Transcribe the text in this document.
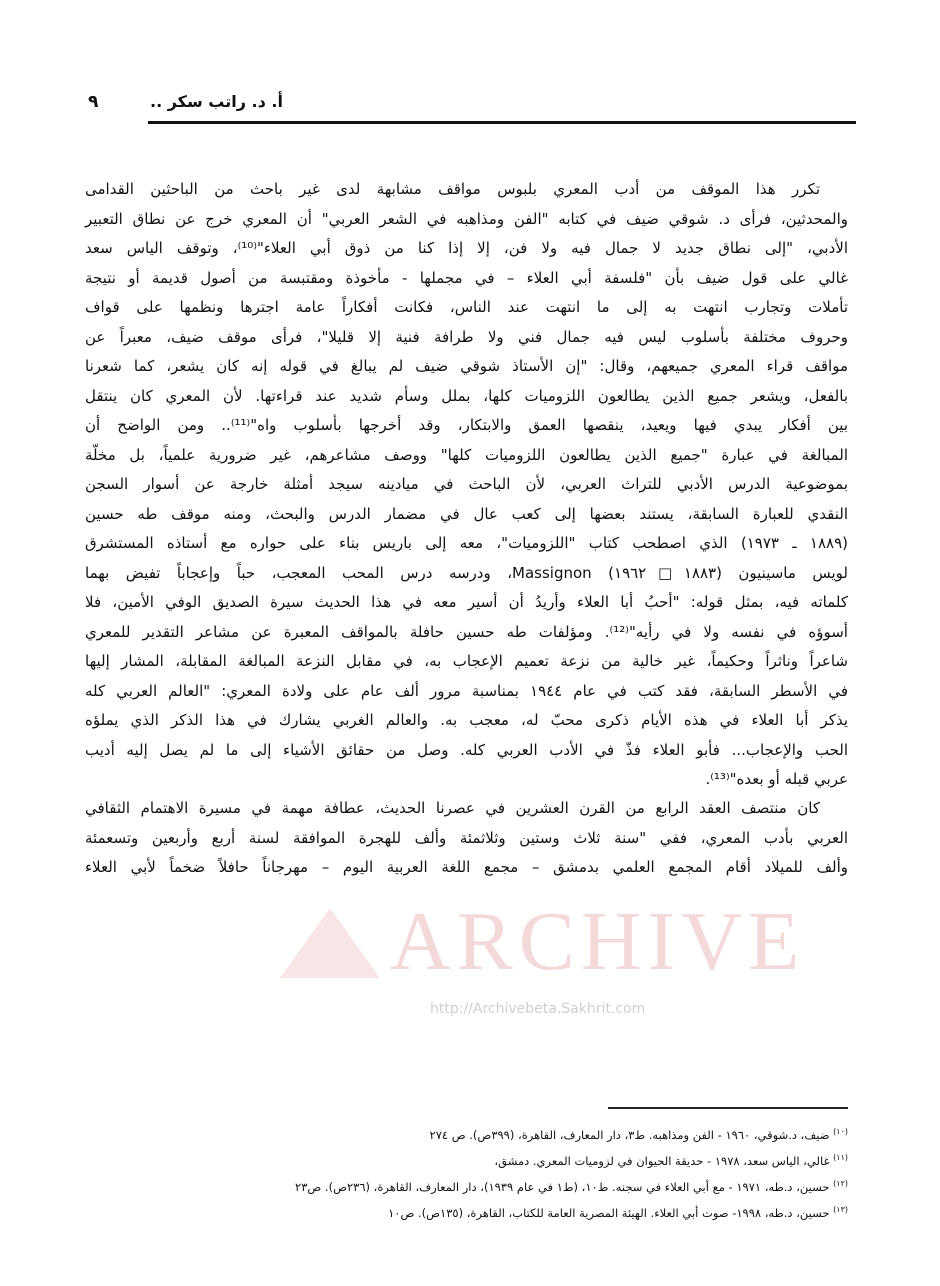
٩	أ. د. راتب سكر ..
تكرر هذا الموقف من أدب المعري بلبوس مواقف مشابهة لدى غير باحث من الباحثين القدامى
والمحدثين، فرأى د. شوقي ضيف في كتابه "الفن ومذاهبه في الشعر العربي" أن المعري خرج عن نطاق التعبير
الأدبي، "إلى نطاق جديد لا جمال فيه ولا فن، إلا إذا كنا من ذوق أبي العلاء"⁽¹⁰⁾، وتوقف الياس سعد
غالي على قول ضيف بأن "فلسفة أبي العلاء – في مجملها - مأخوذة ومقتبسة من أصول قديمة أو نتيجة
تأملات وتجارب انتهت به إلى ما انتهت عند الناس، فكانت أفكاراً عامة اجترها ونظمها على قواف
وحروف مختلفة بأسلوب ليس فيه جمال فني ولا طرافة فنية إلا قليلا"، فرأى موقف ضيف، معبراً عن
مواقف قراء المعري جميعهم، وقال: "إن الأستاذ شوقي ضيف لم يبالغ في قوله إنه كان يشعر، كما شعرنا
بالفعل، ويشعر جميع الذين يطالعون اللزوميات كلها، بملل وسأم شديد عند قراءتها. لأن المعري كان ينتقل
بين أفكار يبدي فيها ويعيد، ينقصها العمق والابتكار، وقد أخرجها بأسلوب واه"⁽¹¹⁾.. ومن الواضح أن
المبالغة في عبارة "جميع الذين يطالعون اللزوميات كلها" ووصف مشاعرهم، غير ضرورية علمياً، بل مخلّة
بموضوعية الدرس الأدبي للتراث العربي، لأن الباحث في ميادينه سيجد أمثلة خارجة عن أسوار السجن
النقدي للعبارة السابقة، يستند بعضها إلى كعب عال في مضمار الدرس والبحث، ومنه موقف طه حسين
(١٨٨٩ ـ ١٩٧٣) الذي اصطحب كتاب "اللزوميات"، معه إلى باريس بناء على حواره مع أستاذه المستشرق
لويس ماسينيون (١٨٨٣□١٩٦٢) Massignon، ودرسه درس المحب المعجب، حباً وإعجاباً تفيض بهما
كلماته فيه، بمثل قوله: "أحبُ أبا العلاء وأريدُ أن أسير معه في هذا الحديث سيرة الصديق الوفي الأمين، فلا
أسوؤه في نفسه ولا في رأيه"⁽¹²⁾. ومؤلفات طه حسين حافلة بالمواقف المعبرة عن مشاعر التقدير للمعري
شاعراً وناثراً وحكيماً، غير خالية من نزعة تعميم الإعجاب به، في مقابل النزعة المبالغة المقابلة، المشار إليها
في الأسطر السابقة، فقد كتب في عام ١٩٤٤ بمناسبة مرور ألف عام على ولادة المعري: "العالم العربي كله
يذكر أبا العلاء في هذه الأيام ذكرى محبّ له، معجب به. والعالم الغربي يشارك في هذا الذكر الذي يملؤه
الحب والإعجاب... فأبو العلاء فذّ في الأدب العربي كله. وصل من حقائق الأشياء إلى ما لم يصل إليه أديب
عربي قبله أو بعده"⁽¹³⁾.
كان منتصف العقد الرابع من القرن العشرين في عصرنا الحديث، عطافة مهمة في مسيرة الاهتمام الثقافي
العربي بأدب المعري، ففي "سنة ثلاث وستين وثلاثمئة وألف للهجرة الموافقة لسنة أربع وأربعين وتسعمئة
وألف للميلاد أقام المجمع العلمي بدمشق – مجمع اللغة العربية اليوم – مهرجاناً حافلاً ضخماً لأبي العلاء
ARCHIVE
http://Archivebeta.Sakhrit.com
$^{(١٠)}$ ضيف، د.شوقي، ١٩٦٠ - الفن ومذاهبه. ط٣، دار المعارف، القاهرة، (٣٩٩ص). ص ٢٧٤
$^{(١١)}$ غالي، الياس سعد، ١٩٧٨ - حديقة الحيوان في لزوميات المعري. دمشق،
$^{(١٢)}$ حسين، د.طه، ١٩٧١ - مع أبي العلاء في سجنه. ط١٠، (ط١ في عام ١٩٣٩)، دار المعارف، القاهرة، (٢٣٦ص). ص٢٣
$^{(١٣)}$ حسين، د.طه، ١٩٩٨- صوت أبي العلاء. الهيئة المصرية العامة للكتاب، القاهرة، (١٣٥ص). ص١٠
